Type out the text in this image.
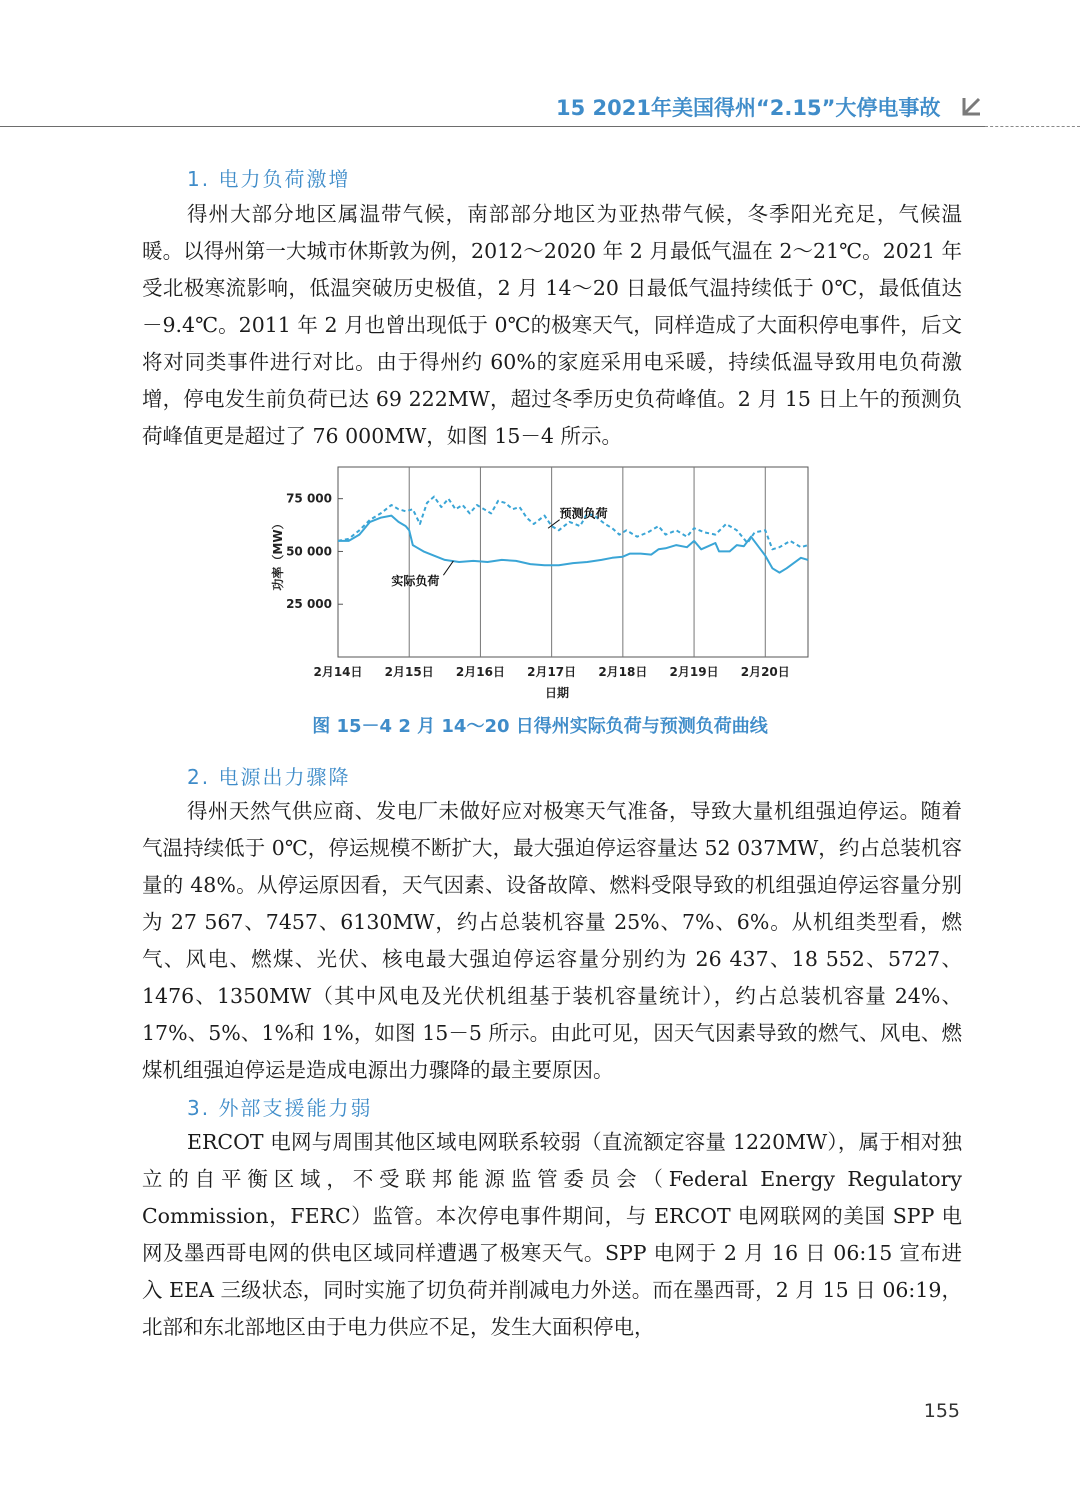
15 2021年美国得州“2.15”大停电事故
1. 电力负荷激增

得州大部分地区属温带气候，南部部分地区为亚热带气候，冬季阳光充足，气候温暖。以得州第一大城市休斯敦为例，2012～2020 年 2 月最低气温在 2～21℃。2021 年受北极寒流影响，低温突破历史极值，2 月 14～20 日最低气温持续低于 0℃，最低值达－9.4℃。2011 年 2 月也曾出现低于 0℃的极寒天气，同样造成了大面积停电事件，后文将对同类事件进行对比。由于得州约 60%的家庭采用电采暖，持续低温导致用电负荷激增，停电发生前负荷已达 69 222MW，超过冬季历史负荷峰值。2 月 15 日上午的预测负荷峰值更是超过了 76 000MW，如图 15－4 所示。

2月14日 2月15日 2月16日 2月17日 2月18日 2月19日 2月20日
25 000
50 000
75 000
日期
功率（MW）
预测负荷
实际负荷
图 15－4 2 月 14～20 日得州实际负荷与预测负荷曲线
2. 电源出力骤降

得州天然气供应商、发电厂未做好应对极寒天气准备，导致大量机组强迫停运。随着气温持续低于 0℃，停运规模不断扩大，最大强迫停运容量达 52 037MW，约占总装机容量的 48%。从停运原因看，天气因素、设备故障、燃料受限导致的机组强迫停运容量分别为 27 567、7457、6130MW，约占总装机容量 25%、7%、6%。从机组类型看，燃气、风电、燃煤、光伏、核电最大强迫停运容量分别约为 26 437、18 552、5727、1476、1350MW（其中风电及光伏机组基于装机容量统计），约占总装机容量 24%、17%、5%、1%和 1%，如图 15－5 所示。由此可见，因天气因素导致的燃气、风电、燃煤机组强迫停运是造成电源出力骤降的最主要原因。

3. 外部支援能力弱

ERCOT 电网与周围其他区域电网联系较弱（直流额定容量 1220MW），属于相对独立的自平衡区域，不受联邦能源监管委员会（Federal Energy Regulatory Commission，FERC）监管。本次停电事件期间，与 ERCOT 电网联网的美国 SPP 电网及墨西哥电网的供电区域同样遭遇了极寒天气。SPP 电网于 2 月 16 日 06:15 宣布进入 EEA 三级状态，同时实施了切负荷并削减电力外送。而在墨西哥，2 月 15 日 06:19，北部和东北部地区由于电力供应不足，发生大面积停电，

155
